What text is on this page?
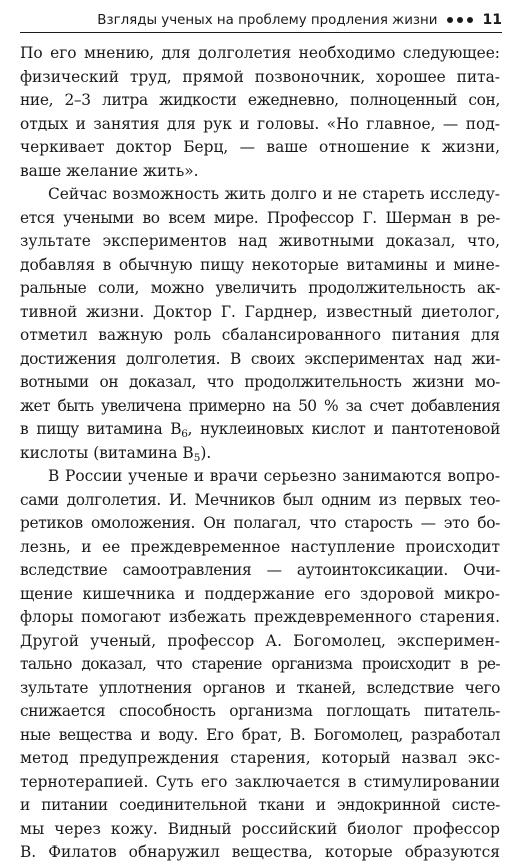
Взгляды ученых на проблему продления жизни	11
По его мнению, для долголетия необходимо следующее:
физический труд, прямой позвоночник, хорошее пита-
ние, 2–3 литра жидкости ежедневно, полноценный сон,
отдых и занятия для рук и головы. «Но главное, — под-
черкивает доктор Берц, — ваше отношение к жизни,
ваше желание жить».
Сейчас возможность жить долго и не стареть исследу-
ется учеными во всем мире. Профессор Г. Шерман в ре-
зультате экспериментов над животными доказал, что,
добавляя в обычную пищу некоторые витамины и мине-
ральные соли, можно увеличить продолжительность ак-
тивной жизни. Доктор Г. Гарднер, известный диетолог,
отметил важную роль сбалансированного питания для
достижения долголетия. В своих экспериментах над жи-
вотными он доказал, что продолжительность жизни мо-
жет быть увеличена примерно на 50 % за счет добавления
в пищу витамина $B_6$, нуклеиновых кислот и пантотеновой
кислоты (витамина $B_5$).
В России ученые и врачи серьезно занимаются вопро-
сами долголетия. И. Мечников был одним из первых тео-
ретиков омоложения. Он полагал, что старость — это бо-
лезнь, и ее преждевременное наступление происходит
вследствие самоотравления — аутоинтоксикации. Очи-
щение кишечника и поддержание его здоровой микро-
флоры помогают избежать преждевременного старения.
Другой ученый, профессор А. Богомолец, эксперимен-
тально доказал, что старение организма происходит в ре-
зультате уплотнения органов и тканей, вследствие чего
снижается способность организма поглощать питатель-
ные вещества и воду. Его брат, В. Богомолец, разработал
метод предупреждения старения, который назвал экс-
тернотерапией. Суть его заключается в стимулировании
и питании соединительной ткани и эндокринной систе-
мы через кожу. Видный российский биолог профессор
В. Филатов обнаружил вещества, которые образуются
